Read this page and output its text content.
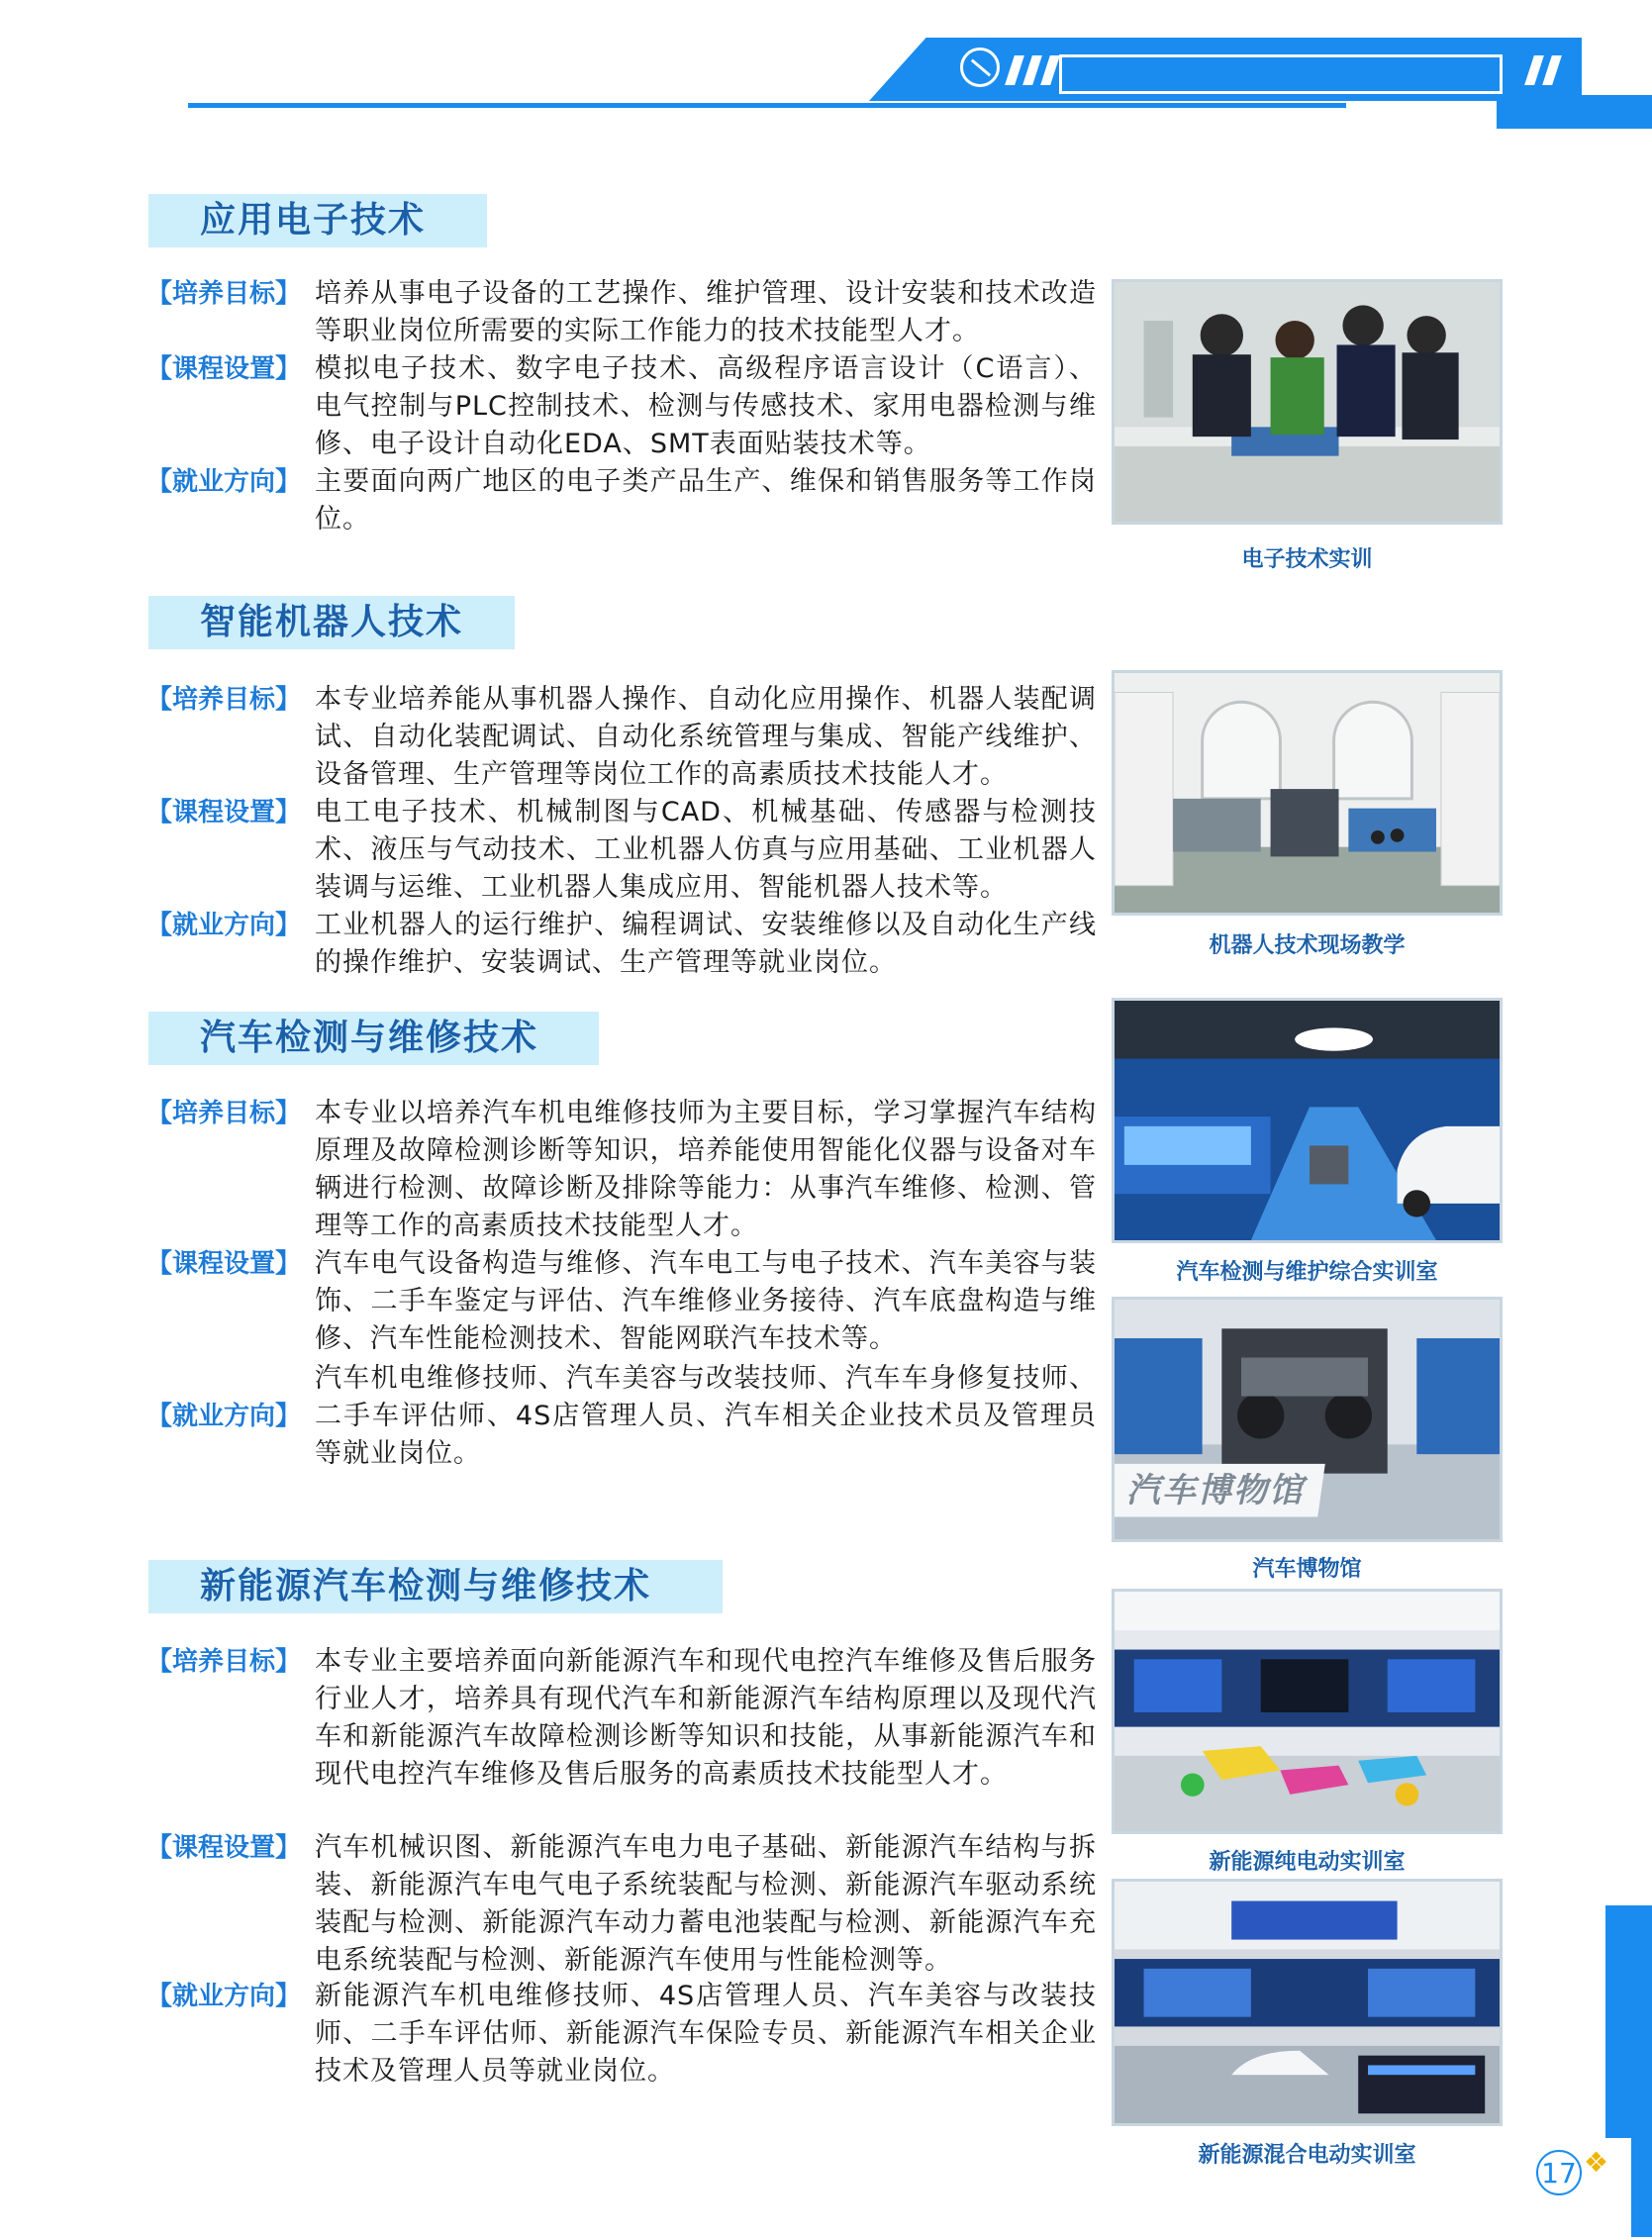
17 ❖
应用电子技术
【培养目标】 培养从事电子设备的工艺操作、维护管理、设计安装和技术改造等职业岗位所需要的实际工作能力的技术技能型人才。
【课程设置】 模拟电子技术、数字电子技术、高级程序语言设计（C语言）、电气控制与PLC控制技术、检测与传感技术、家用电器检测与维修、电子设计自动化EDA、SMT表面贴装技术等。
【就业方向】 主要面向两广地区的电子类产品生产、维保和销售服务等工作岗位。
电子技术实训
智能机器人技术
【培养目标】 本专业培养能从事机器人操作、自动化应用操作、机器人装配调试、自动化装配调试、自动化系统管理与集成、智能产线维护、设备管理、生产管理等岗位工作的高素质技术技能人才。
【课程设置】 电工电子技术、机械制图与CAD、机械基础、传感器与检测技术、液压与气动技术、工业机器人仿真与应用基础、工业机器人装调与运维、工业机器人集成应用、智能机器人技术等。
【就业方向】 工业机器人的运行维护、编程调试、安装维修以及自动化生产线的操作维护、安装调试、生产管理等就业岗位。
机器人技术现场教学
汽车检测与维修技术
【培养目标】 本专业以培养汽车机电维修技师为主要目标，学习掌握汽车结构原理及故障检测诊断等知识，培养能使用智能化仪器与设备对车辆进行检测、故障诊断及排除等能力：从事汽车维修、检测、管理等工作的高素质技术技能型人才。
【课程设置】 汽车电气设备构造与维修、汽车电工与电子技术、汽车美容与装饰、二手车鉴定与评估、汽车维修业务接待、汽车底盘构造与维修、汽车性能检测技术、智能网联汽车技术等。
【就业方向】
汽车机电维修技师、汽车美容与改装技师、汽车车身修复技师、二手车评估师、4S店管理人员、汽车相关企业技术员及管理员等就业岗位。
汽车检测与维护综合实训室
汽车博物馆
汽车博物馆
新能源汽车检测与维修技术
【培养目标】 本专业主要培养面向新能源汽车和现代电控汽车维修及售后服务行业人才，培养具有现代汽车和新能源汽车结构原理以及现代汽车和新能源汽车故障检测诊断等知识和技能，从事新能源汽车和现代电控汽车维修及售后服务的高素质技术技能型人才。
【课程设置】 汽车机械识图、新能源汽车电力电子基础、新能源汽车结构与拆装、新能源汽车电气电子系统装配与检测、新能源汽车驱动系统装配与检测、新能源汽车动力蓄电池装配与检测、新能源汽车充电系统装配与检测、新能源汽车使用与性能检测等。
【就业方向】 新能源汽车机电维修技师、4S店管理人员、汽车美容与改装技师、二手车评估师、新能源汽车保险专员、新能源汽车相关企业技术及管理人员等就业岗位。
新能源纯电动实训室
新能源混合电动实训室
